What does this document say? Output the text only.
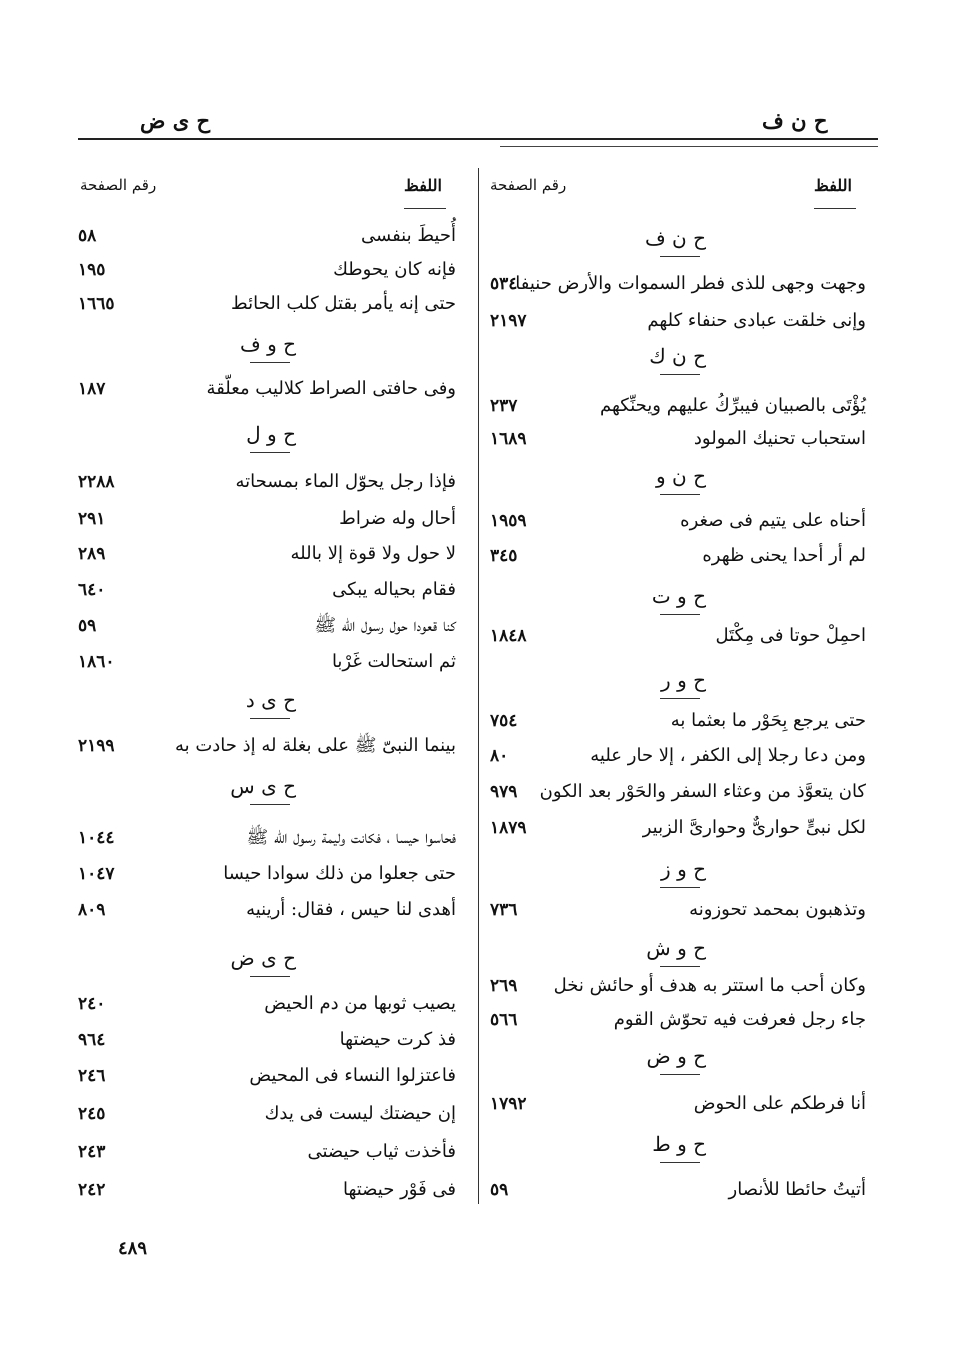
ح ن ف
ح ى ض
اللفظ
رقم الصفحة
اللفظ
رقم الصفحة
ح ن ف
وجهت وجهى للذى فطر السموات والأرض حنيفا
٥٣٤
وإنى خلقت عبادى حنفاء كلهم
٢١٩٧
ح ن ك
يُؤْتَى بالصبيان فيبرِّكُ عليهم ويحنِّكهم
٢٣٧
استحباب تحنيك المولود
١٦٨٩
ح ن و
أحناه على يتيم فى صغره
١٩٥٩
لم أر أحدا يحنى ظهره
٣٤٥
ح و ت
احمِلْ حوتا فى مِكْتَل
١٨٤٨
ح و ر
حتى يرجع بِحَوْر ما بعثما به
٧٥٤
ومن دعا رجلا إلى الكفر ، إلا حار عليه
٨٠
كان يتعوَّذ من وعثاء السفر والحَوْر بعد الكون
٩٧٩
لكل نبىٍّ حوارىٌّ وحوارىَّ الزبير
١٨٧٩
ح و ز
وتذهبون بمحمد تحوزونه
٧٣٦
ح و ش
وكان أحب ما استتر به هدف أو حائش نخل
٢٦٩
جاء رجل فعرفت فيه تحوّش القوم
٥٦٦
ح و ض
أنا فرطكم على الحوض
١٧٩٢
ح و ط
أتيتُ حائطا للأنصار
٥٩
أُحيطَ بنفسى
٥٨
فإنه كان يحوطك
١٩٥
حتى إنه يأمر بقتل كلب الحائط
١٦٦٥
ح و ف
وفى حافتى الصراط كلاليب معلّقة
١٨٧
ح و ل
فإذا رجل يحوّل الماء بمسحاته
٢٢٨٨
أحال وله ضراط
٢٩١
لا حول ولا قوة إلا بالله
٢٨٩
فقام بحياله يبكى
٦٤٠
كنا قعودا حول رسول الله ﷺ
٥٩
ثم استحالت غَرْبا
١٨٦٠
ح ى د
بينما النبىّ ﷺ على بغلة له إذ حادت به
٢١٩٩
ح ى س
فحاسوا حيسا ، فكانت وليمة رسول الله ﷺ
١٠٤٤
حتى جعلوا من ذلك سوادا حيسا
١٠٤٧
أهدى لنا حيس ، فقال: أرينيه
٨٠٩
ح ى ض
يصيب ثوبها من دم الحيض
٢٤٠
فذ كرت حيضتها
٩٦٤
فاعتزلوا النساء فى المحيض
٢٤٦
إن حيضتك ليست فى يدك
٢٤٥
فأخذت ثياب حيضتى
٢٤٣
فى فَوْر حيضتها
٢٤٢
٤٨٩
